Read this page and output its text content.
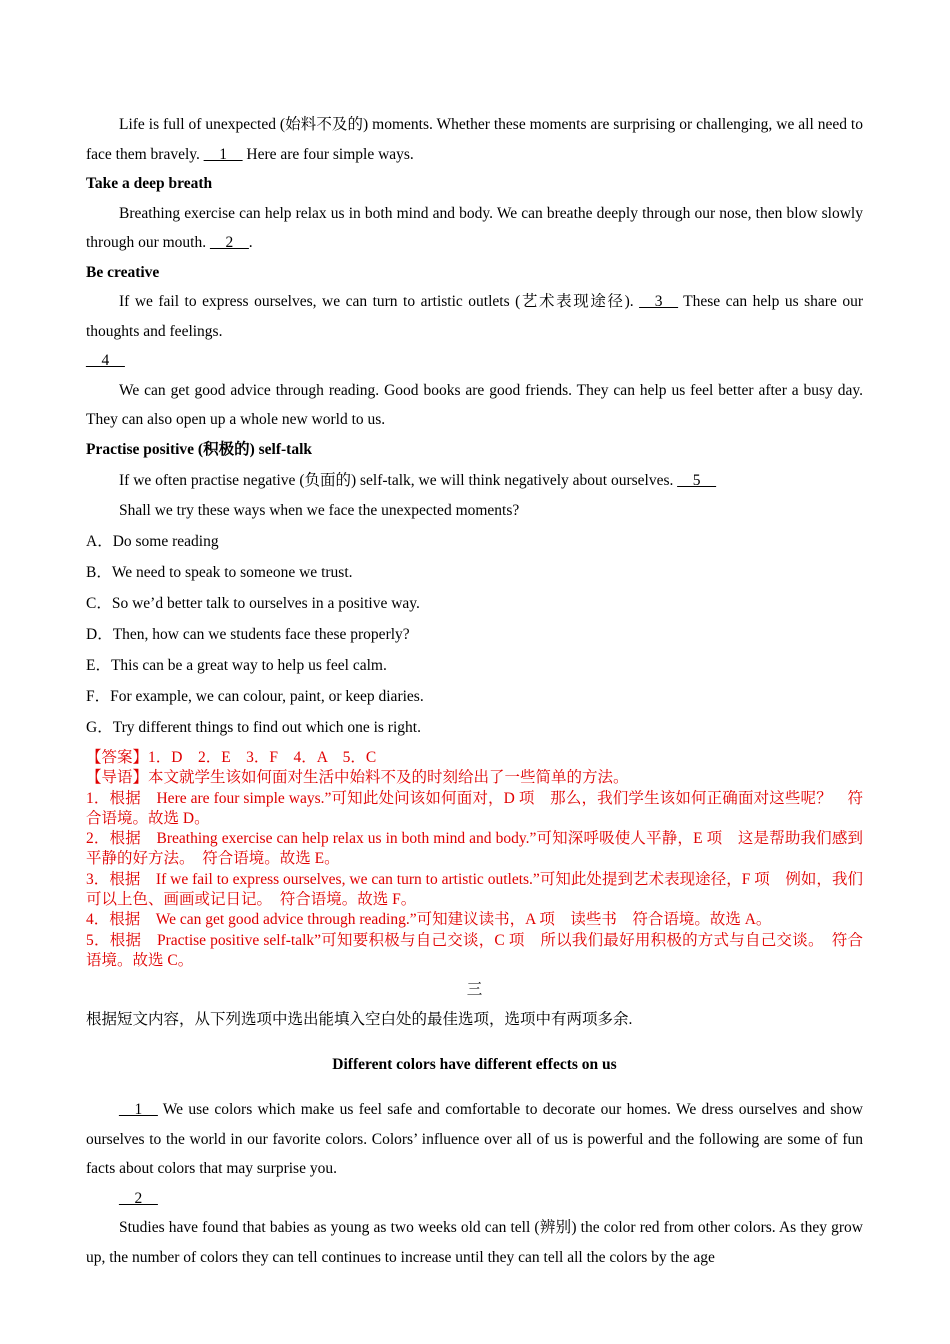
Life is full of unexpected (始料不及的) moments. Whether these moments are surprising or challenging, we all need to face them bravely. __1__ Here are four simple ways.

Take a deep breath

Breathing exercise can help relax us in both mind and body. We can breathe deeply through our nose, then blow slowly through our mouth. __2__.

Be creative

If we fail to express ourselves, we can turn to artistic outlets (艺术表现途径). __3__ These can help us share our thoughts and feelings.

__4__

We can get good advice through reading. Good books are good friends. They can help us feel better after a busy day. They can also open up a whole new world to us.

Practise positive (积极的) self-talk

If we often practise negative (负面的) self-talk, we will think negatively about ourselves. __5__

Shall we try these ways when we face the unexpected moments?

A．Do some reading

B．We need to speak to someone we trust.

C．So we’d better talk to ourselves in a positive way.

D．Then, how can we students face these properly?

E．This can be a great way to help us feel calm.

F．For example, we can colour, paint, or keep diaries.

G．Try different things to find out which one is right.

【答案】1．D　2．E　3．F　4．A　5．C

【导语】本文就学生该如何面对生活中始料不及的时刻给出了一些简单的方法。

1．根据　Here are four simple ways.”可知此处问该如何面对，D 项　那么，我们学生该如何正确面对这些呢？　符合语境。故选 D。

2．根据　Breathing exercise can help relax us in both mind and body.”可知深呼吸使人平静，E 项　这是帮助我们感到平静的好方法。　符合语境。故选 E。

3．根据　If we fail to express ourselves, we can turn to artistic outlets.”可知此处提到艺术表现途径，F 项　例如，我们可以上色、画画或记日记。　符合语境。故选 F。

4．根据　We can get good advice through reading.”可知建议读书，A 项　读些书　符合语境。故选 A。

5．根据　Practise positive self-talk”可知要积极与自己交谈，C 项　所以我们最好用积极的方式与自己交谈。　符合语境。故选 C。

三

根据短文内容，从下列选项中选出能填入空白处的最佳选项，选项中有两项多余.

Different colors have different effects on us

__1__ We use colors which make us feel safe and comfortable to decorate our homes. We dress ourselves and show ourselves to the world in our favorite colors. Colors’ influence over all of us is powerful and the following are some of fun facts about colors that may surprise you.

__2__

Studies have found that babies as young as two weeks old can tell (辨别) the color red from other colors. As they grow up, the number of colors they can tell continues to increase until they can tell all the colors by the age
